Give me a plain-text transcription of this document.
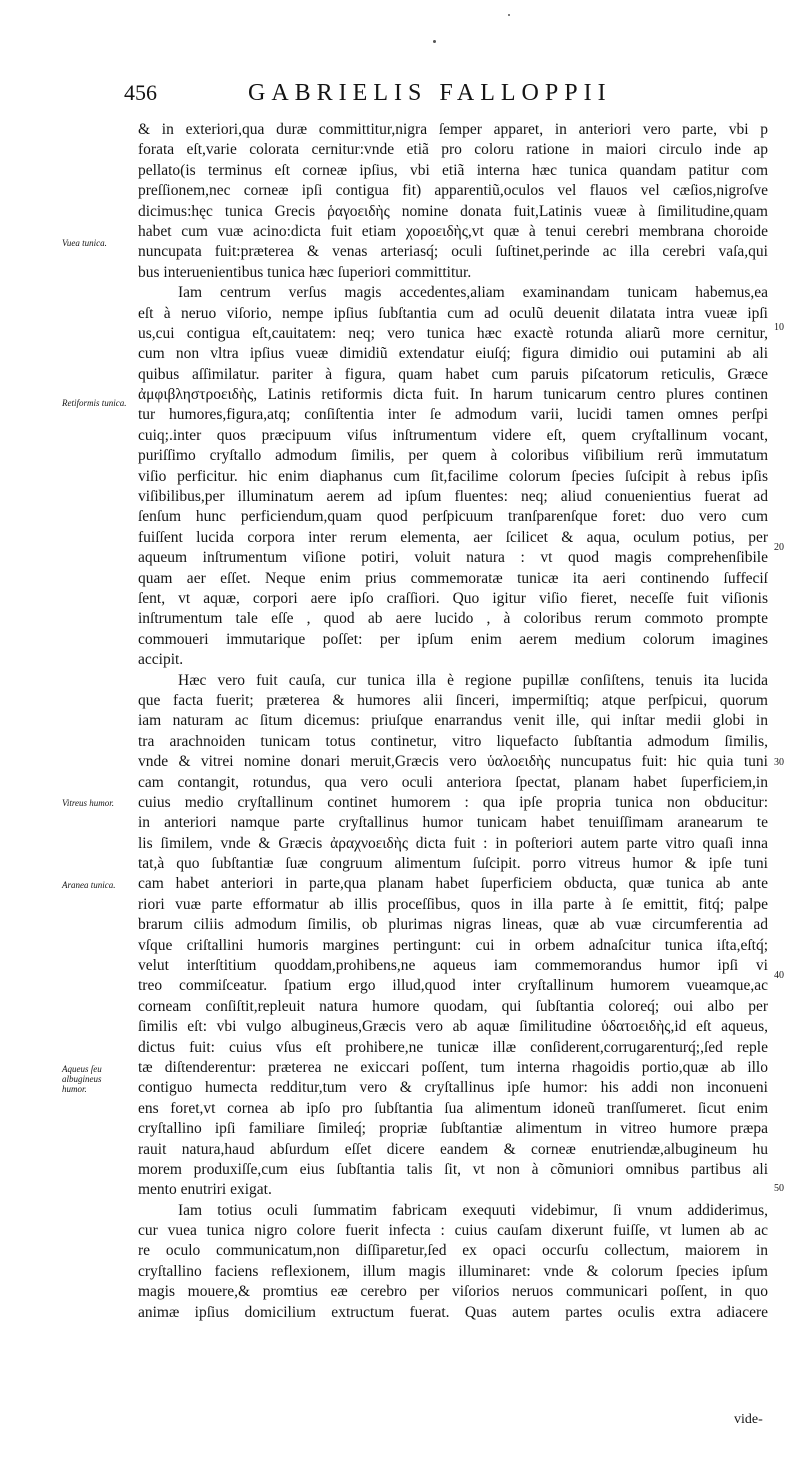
456	GABRIELIS FALLOPPII
& in exteriori,qua duræ committitur,nigra ſemper apparet, in anteriori vero parte, vbi p
forata eſt,varie colorata cernitur:vnde etiã pro coloru ratione in maiori circulo inde ap
pellato(is terminus eſt corneæ ipſius, vbi etiã interna hæc tunica quandam patitur com
preſſionem,nec corneæ ipſi contigua fit) apparentiũ,oculos vel flauos vel cæſios,nigroſve
dicimus:hęc tunica Grecis ῥαγοειδὴς nomine donata fuit,Latinis vueæ à ſimilitudine,quam
habet cum vuæ acino:dicta fuit etiam χοροειδὴς,vt quæ à tenui cerebri membrana choroide
nuncupata fuit:præterea & venas arteriasq́; oculi ſuſtinet,perinde ac illa cerebri vaſa,qui
bus interuenientibus tunica hæc ſuperiori committitur.
Iam centrum verſus magis accedentes,aliam examinandam tunicam habemus,ea
eſt à neruo viſorio, nempe ipſius ſubſtantia cum ad oculũ deuenit dilatata intra vueæ ipſi
us,cui contigua eſt,cauitatem: neq; vero tunica hæc exactè rotunda aliarũ more cernitur,
cum non vltra ipſius vueæ dimidiũ extendatur eiuſq́; figura dimidio oui putamini ab ali
quibus aſſimilatur. pariter à figura, quam habet cum paruis piſcatorum reticulis, Græce
ἀμφιβληστροειδὴς, Latinis retiformis dicta fuit. In harum tunicarum centro plures continen
tur humores,figura,atq; conſiſtentia inter ſe admodum varii, lucidi tamen omnes perſpi
cuiq;.inter quos præcipuum viſus inſtrumentum videre eſt, quem cryſtallinum vocant,
puriſſimo cryſtallo admodum ſimilis, per quem à coloribus viſibilium rerũ immutatum
viſio perficitur. hic enim diaphanus cum ſit,facilime colorum ſpecies ſuſcipit à rebus ipſis
viſibilibus,per illuminatum aerem ad ipſum fluentes: neq; aliud conuenientius fuerat ad
ſenſum hunc perficiendum,quam quod perſpicuum tranſparenſque foret: duo vero cum
fuiſſent lucida corpora inter rerum elementa, aer ſcilicet & aqua, oculum potius, per
aqueum inſtrumentum viſione potiri, voluit natura : vt quod magis comprehenſibile
quam aer eſſet. Neque enim prius commemoratæ tunicæ ita aeri continendo ſuffeciſ
ſent, vt aquæ, corpori aere ipſo craſſiori. Quo igitur viſio fieret, neceſſe fuit viſionis
inſtrumentum tale eſſe , quod ab aere lucido , à coloribus rerum commoto prompte
commoueri immutarique poſſet: per ipſum enim aerem medium colorum imagines
accipit.
Hæc vero fuit cauſa, cur tunica illa è regione pupillæ conſiſtens, tenuis ita lucida
que facta fuerit; præterea & humores alii ſinceri, impermiſtiq; atque perſpicui, quorum
iam naturam ac ſitum dicemus: priuſque enarrandus venit ille, qui inſtar medii globi in
tra arachnoiden tunicam totus continetur, vitro liquefacto ſubſtantia admodum ſimilis,
vnde & vitrei nomine donari meruit,Græcis vero ὑαλοειδὴς nuncupatus fuit: hic quia tuni
cam contangit, rotundus, qua vero oculi anteriora ſpectat, planam habet ſuperficiem,in
cuius medio cryſtallinum continet humorem : qua ipſe propria tunica non obducitur:
in anteriori namque parte cryſtallinus humor tunicam habet tenuiſſimam aranearum te
lis ſimilem, vnde & Græcis ἀραχνοειδὴς dicta fuit : in poſteriori autem parte vitro quaſi inna
tat,à quo ſubſtantiæ ſuæ congruum alimentum ſuſcipit. porro vitreus humor & ipſe tuni
cam habet anteriori in parte,qua planam habet ſuperficiem obducta, quæ tunica ab ante
riori vuæ parte efformatur ab illis proceſſibus, quos in illa parte à ſe emittit, fitq́; palpe
brarum ciliis admodum ſimilis, ob plurimas nigras lineas, quæ ab vuæ circumferentia ad
vſque criſtallini humoris margines pertingunt: cui in orbem adnaſcitur tunica iſta,eſtq́;
velut interſtitium quoddam,prohibens,ne aqueus iam commemorandus humor ipſi vi
treo commiſceatur. ſpatium ergo illud,quod inter cryſtallinum humorem vueamque,ac
corneam conſiſtit,repleuit natura humore quodam, qui ſubſtantia coloreq́; oui albo per
ſimilis eſt: vbi vulgo albugineus,Græcis vero ab aquæ ſimilitudine ὑδατοειδὴς,id eſt aqueus,
dictus fuit: cuius vſus eſt prohibere,ne tunicæ illæ conſiderent,corrugarenturq́;,ſed reple
tæ diſtenderentur: præterea ne exiccari poſſent, tum interna rhagoidis portio,quæ ab illo
contiguo humecta redditur,tum vero & cryſtallinus ipſe humor: his addi non inconueni
ens foret,vt cornea ab ipſo pro ſubſtantia ſua alimentum idoneũ tranſſumeret. ſicut enim
cryſtallino ipſi familiare ſimileq́; propriæ ſubſtantiæ alimentum in vitreo humore præpa
rauit natura,haud abſurdum eſſet dicere eandem & corneæ enutriendæ,albugineum hu
morem produxiſſe,cum eius ſubſtantia talis ſit, vt non à cõmuniori omnibus partibus ali
mento enutriri exigat.
Iam totius oculi ſummatim fabricam exequuti videbimur, ſi vnum addiderimus,
cur vuea tunica nigro colore fuerit infecta : cuius cauſam dixerunt fuiſſe, vt lumen ab ac
re oculo communicatum,non diſſiparetur,ſed ex opaci occurſu collectum, maiorem in
cryſtallino faciens reflexionem, illum magis illuminaret: vnde & colorum ſpecies ipſum
magis mouere,& promtius eæ cerebro per viſorios neruos communicari poſſent, in quo
animæ ipſius domicilium extructum fuerat. Quas autem partes oculis extra adiacere
Vuea tunica.
Retiformis tunica.
Vitreus humor.
Aranea tunica.
Aqueus ſeu albugineus humor.
10
20
30
40
50
vide-
